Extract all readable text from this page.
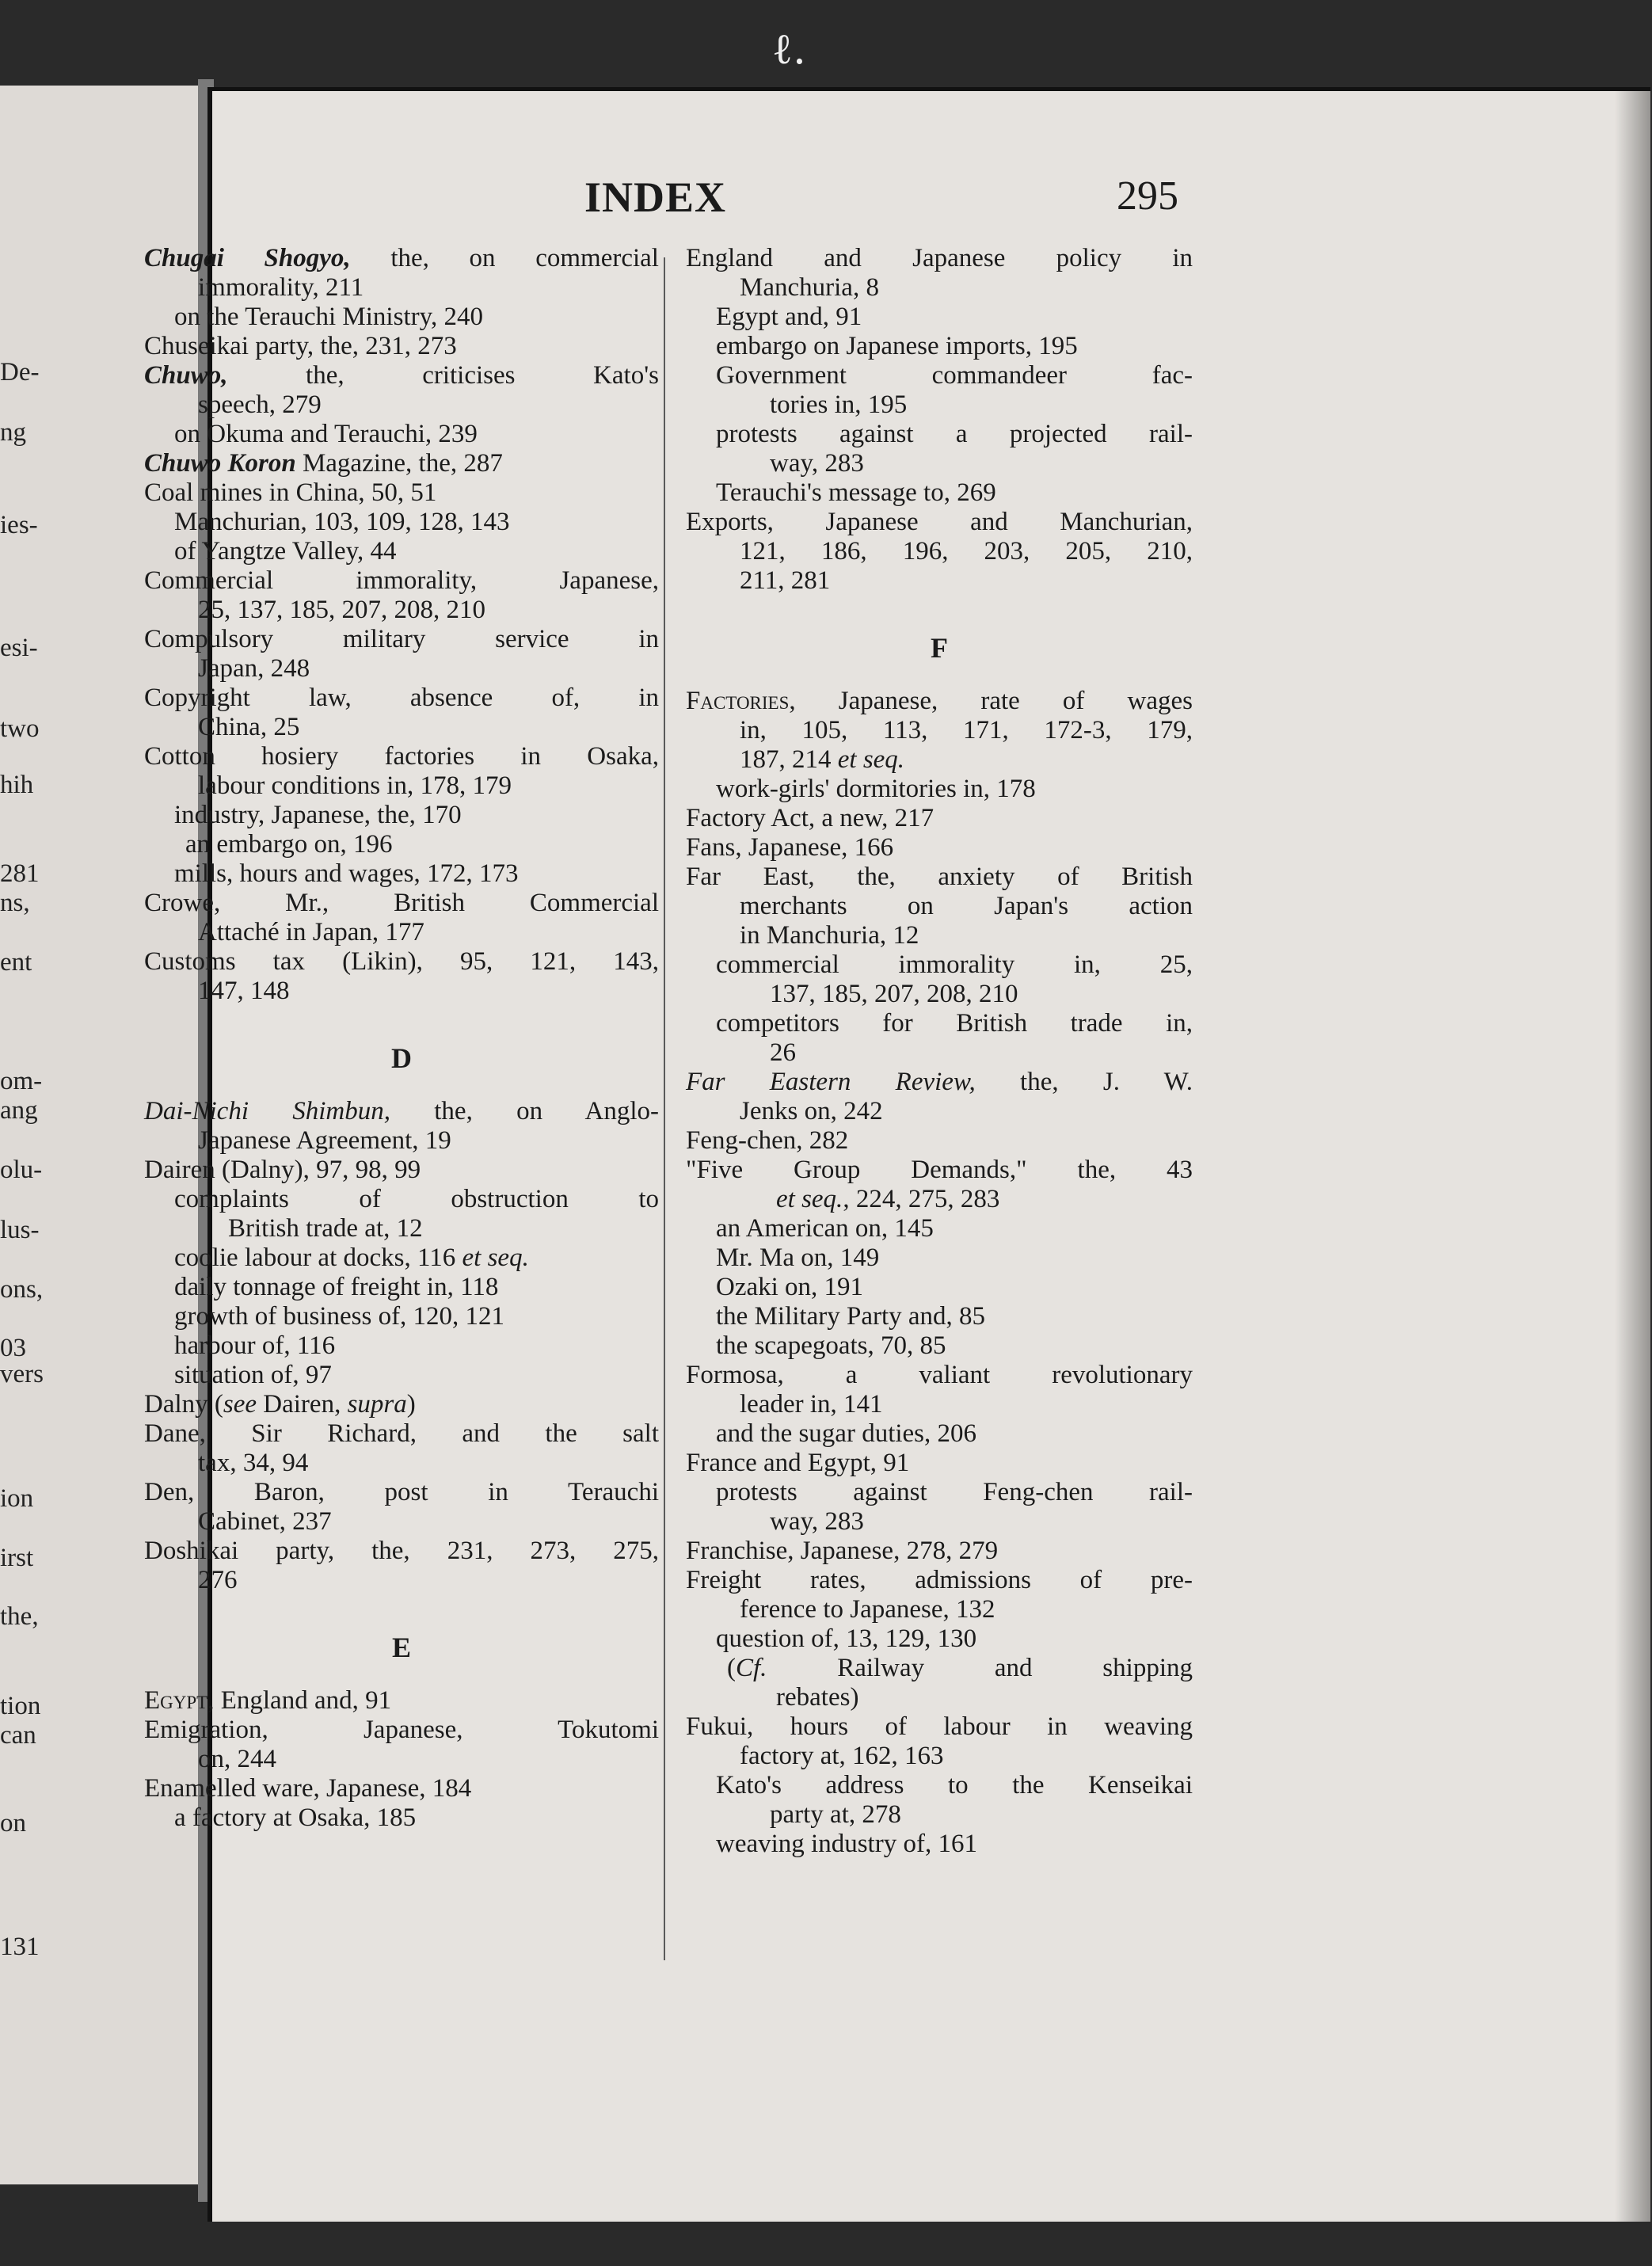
De-
ng
ies-
esi-
two
hih
281
ns,
ent
om-
ang
olu-
lus-
ons,
03
vers
ion
irst
the,
tion
can
on
131
INDEX	295
Chugai Shogyo, the, on commercial
immorality, 211
on the Terauchi Ministry, 240
Chuseikai party, the, 231, 273
Chuwo, the, criticises Kato's
speech, 279
on Okuma and Terauchi, 239
Chuwo Koron Magazine, the, 287
Coal mines in China, 50, 51
Manchurian, 103, 109, 128, 143
of Yangtze Valley, 44
Commercial immorality, Japanese,
25, 137, 185, 207, 208, 210
Compulsory military service in
Japan, 248
Copyright law, absence of, in
China, 25
Cotton hosiery factories in Osaka,
labour conditions in, 178, 179
industry, Japanese, the, 170
an embargo on, 196
mills, hours and wages, 172, 173
Crowe, Mr., British Commercial
Attaché in Japan, 177
Customs tax (Likin), 95, 121, 143,
147, 148
D
Dai-Nichi Shimbun, the, on Anglo-
Japanese Agreement, 19
Dairen (Dalny), 97, 98, 99
complaints of obstruction to
British trade at, 12
coolie labour at docks, 116 et seq.
daily tonnage of freight in, 118
growth of business of, 120, 121
harbour of, 116
situation of, 97
Dalny (see Dairen, supra)
Dane, Sir Richard, and the salt
tax, 34, 94
Den, Baron, post in Terauchi
Cabinet, 237
Doshikai party, the, 231, 273, 275,
276
E
Egypt, England and, 91
Emigration, Japanese, Tokutomi
on, 244
Enamelled ware, Japanese, 184
a factory at Osaka, 185
England and Japanese policy in
Manchuria, 8
Egypt and, 91
embargo on Japanese imports, 195
Government commandeer fac-
tories in, 195
protests against a projected rail-
way, 283
Terauchi's message to, 269
Exports, Japanese and Manchurian,
121, 186, 196, 203, 205, 210,
211, 281
F
Factories, Japanese, rate of wages
in, 105, 113, 171, 172-3, 179,
187, 214 et seq.
work-girls' dormitories in, 178
Factory Act, a new, 217
Fans, Japanese, 166
Far East, the, anxiety of British
merchants on Japan's action
in Manchuria, 12
commercial immorality in, 25,
137, 185, 207, 208, 210
competitors for British trade in,
26
Far Eastern Review, the, J. W.
Jenks on, 242
Feng-chen, 282
"Five Group Demands," the, 43
et seq., 224, 275, 283
an American on, 145
Mr. Ma on, 149
Ozaki on, 191
the Military Party and, 85
the scapegoats, 70, 85
Formosa, a valiant revolutionary
leader in, 141
and the sugar duties, 206
France and Egypt, 91
protests against Feng-chen rail-
way, 283
Franchise, Japanese, 278, 279
Freight rates, admissions of pre-
ference to Japanese, 132
question of, 13, 129, 130
(Cf. Railway and shipping
rebates)
Fukui, hours of labour in weaving
factory at, 162, 163
Kato's address to the Kenseikai
party at, 278
weaving industry of, 161
ℓ.
